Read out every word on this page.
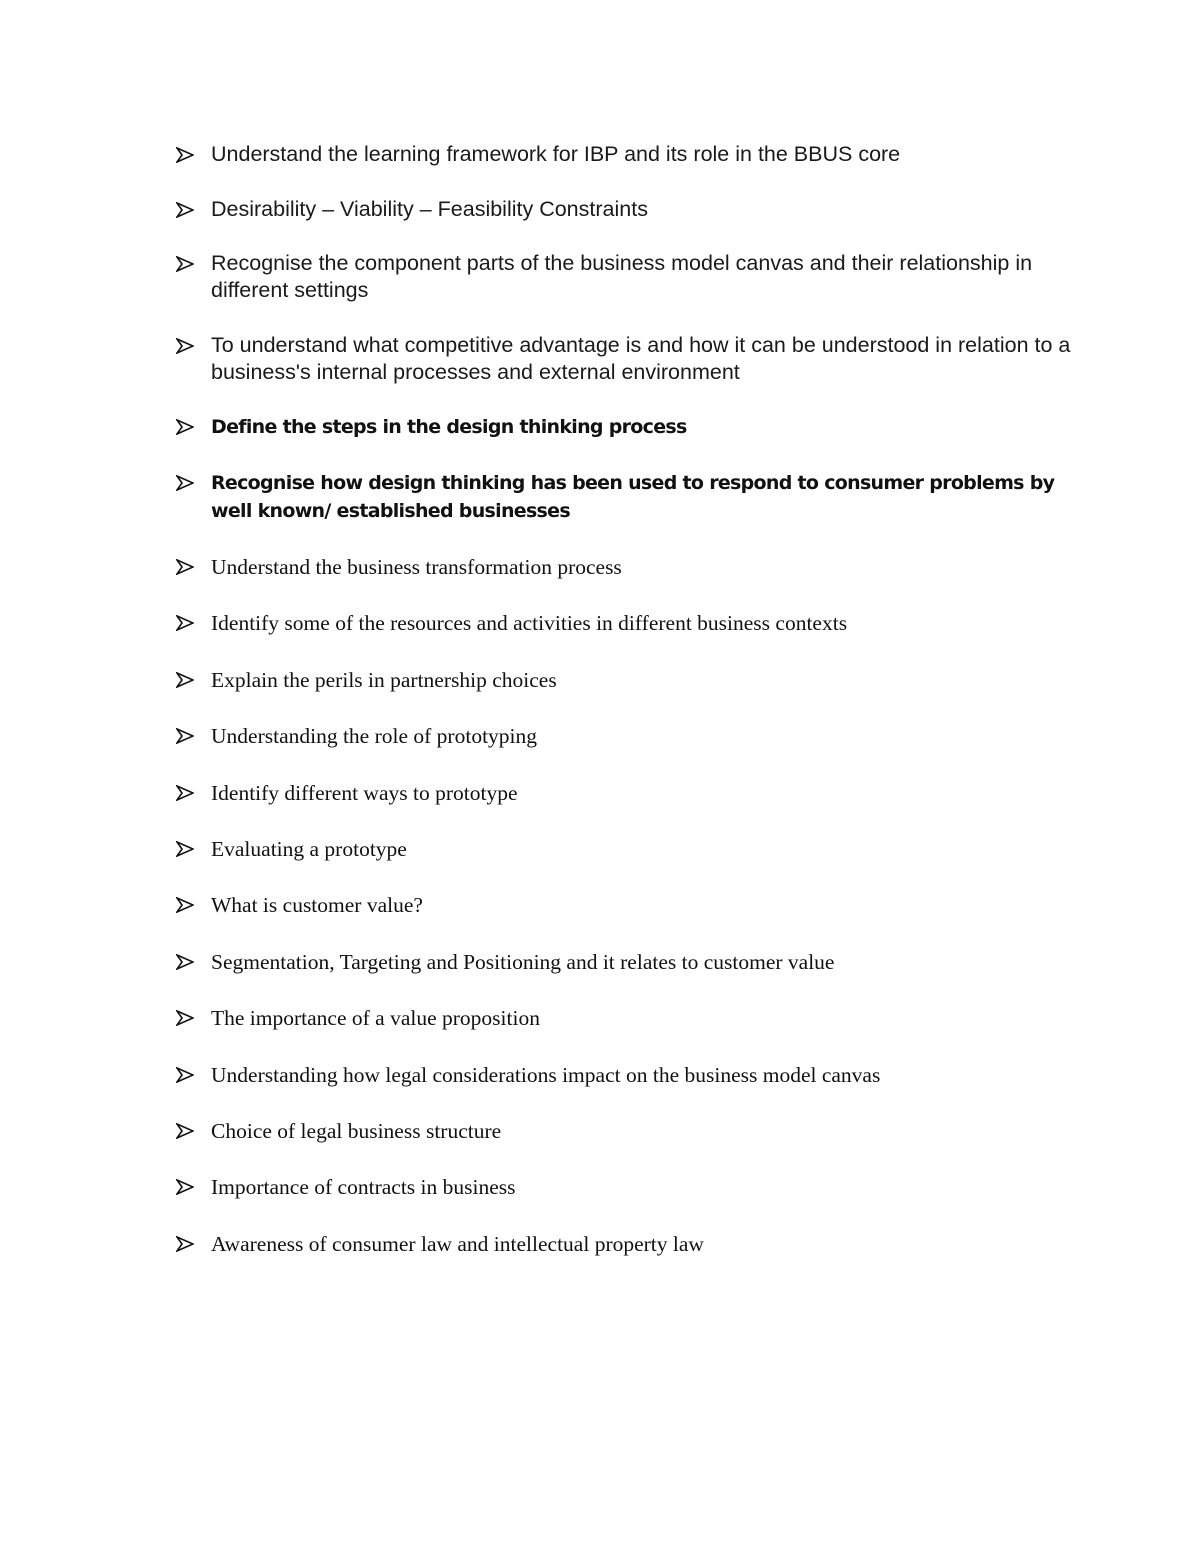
Understand the learning framework for IBP and its role in the BBUS core
Desirability – Viability – Feasibility Constraints
Recognise the component parts of the business model canvas and their relationship in different settings
To understand what competitive advantage is and how it can be understood in relation to a business's internal processes and external environment
Define the steps in the design thinking process
Recognise how design thinking has been used to respond to consumer problems by well known/ established businesses
Understand the business transformation process
Identify some of the resources and activities in different business contexts
Explain the perils in partnership choices
Understanding the role of prototyping
Identify different ways to prototype
Evaluating a prototype
What is customer value?
Segmentation, Targeting and Positioning and it relates to customer value
The importance of a value proposition
Understanding how legal considerations impact on the business model canvas
Choice of legal business structure
Importance of contracts in business
Awareness of consumer law and intellectual property law
